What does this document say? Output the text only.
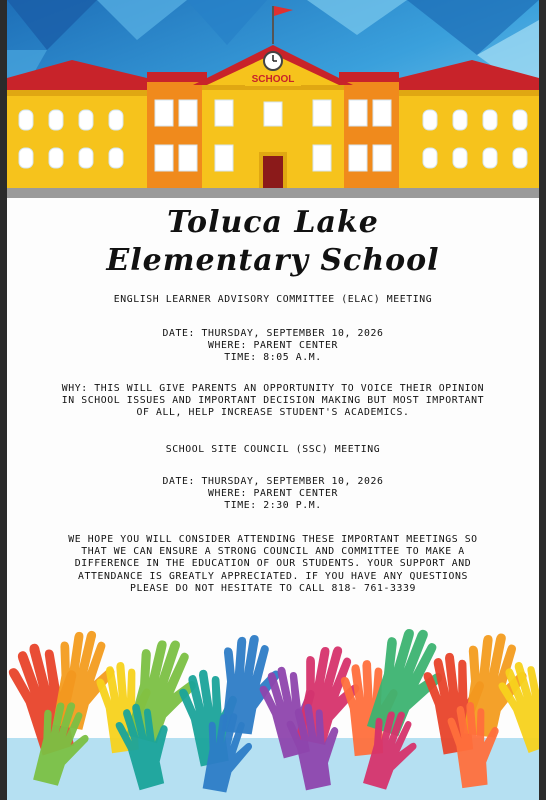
SCHOOL
Toluca Lake
Elementary School

ENGLISH LEARNER ADVISORY COMMITTEE (ELAC) MEETING

DATE: THURSDAY, SEPTEMBER 10, 2026

WHERE: PARENT CENTER

TIME: 8:05 A.M.

WHY: THIS WILL GIVE PARENTS AN OPPORTUNITY TO VOICE THEIR OPINION

IN SCHOOL ISSUES AND IMPORTANT DECISION MAKING BUT MOST IMPORTANT

OF ALL, HELP INCREASE STUDENT'S ACADEMICS.

SCHOOL SITE COUNCIL (SSC) MEETING

DATE: THURSDAY, SEPTEMBER 10, 2026

WHERE: PARENT CENTER

TIME: 2:30 P.M.

WE HOPE YOU WILL CONSIDER ATTENDING THESE IMPORTANT MEETINGS SO

THAT WE CAN ENSURE A STRONG COUNCIL AND COMMITTEE TO MAKE A

DIFFERENCE IN THE EDUCATION OF OUR STUDENTS. YOUR SUPPORT AND

ATTENDANCE IS GREATLY APPRECIATED. IF YOU HAVE ANY QUESTIONS

PLEASE DO NOT HESITATE TO CALL 818- 761-3339
